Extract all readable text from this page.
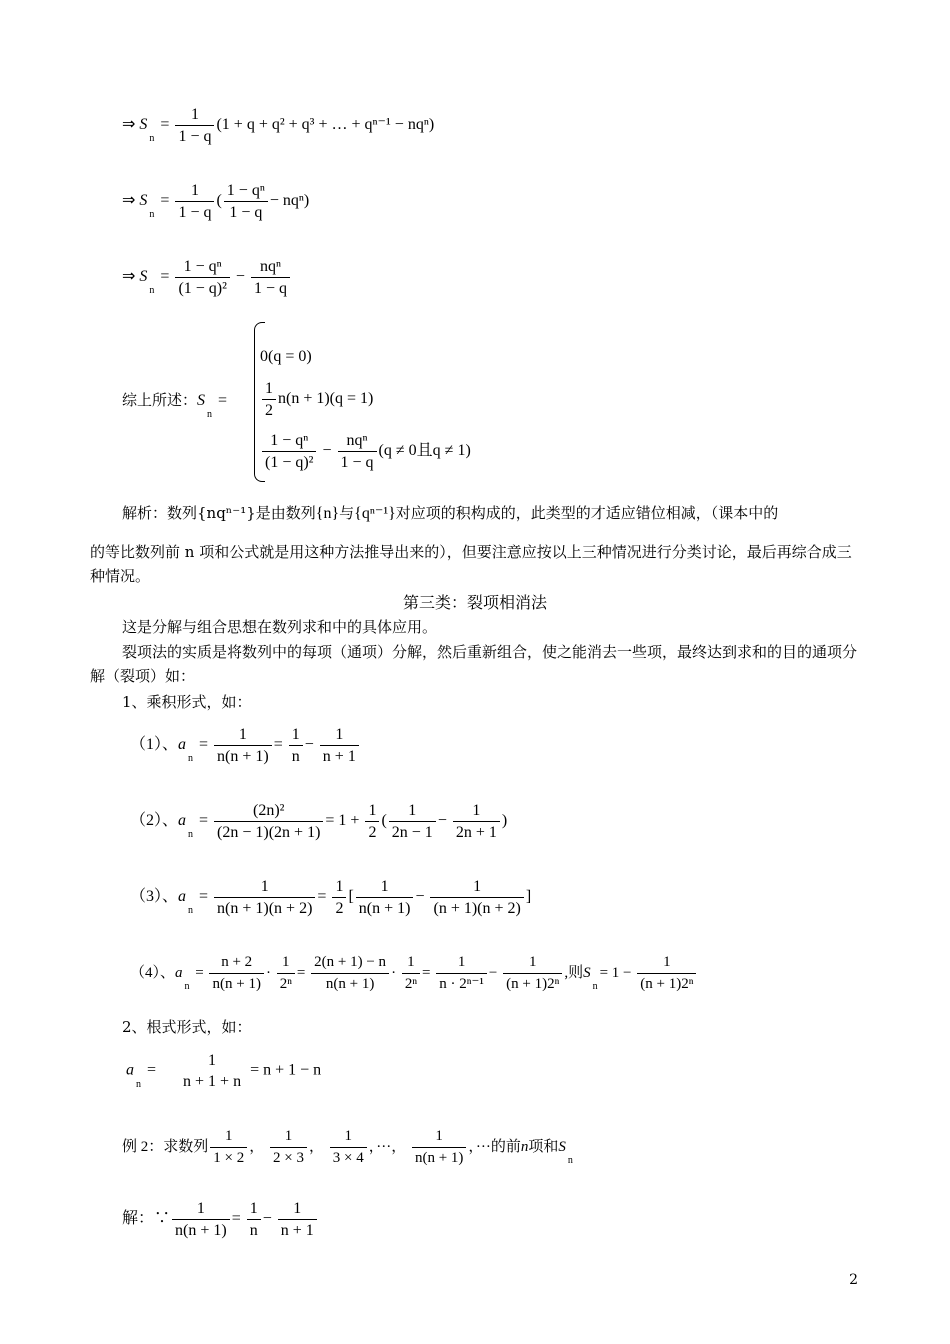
⇒ $S_n = \frac{1}{1 - q} (1 + q + q^2 + q^3$ + … + qⁿ⁻¹ − nqⁿ)
⇒ $S_n = \frac{1}{1 - q}$ ( $\frac{\text{1 − qⁿ}}{1 - q} - nq^n$)
⇒ $S_n = \frac{\text{1 − qⁿ}}{\text{(1 − q)²}} - \frac{\text{nqⁿ}}{1 - q}$
综上所述：$S_n$ =
0(q = 0)
$\frac{1}{2} n(n + 1)(q = 1)$
$\frac{\text{1 − qⁿ}}{\text{(1 − q)²}} - \frac{\text{nqⁿ}}{1 - q} (q \ne 0$且q ≠ 1)
解析：数列{nqⁿ⁻¹}是由数列{n}与{qⁿ⁻¹}对应项的积构成的，此类型的才适应错位相减，（课本中的
的等比数列前 n 项和公式就是用这种方法推导出来的），但要注意应按以上三种情况进行分类讨论，最后再综合成三种情况。
第三类：裂项相消法
这是分解与组合思想在数列求和中的具体应用。
裂项法的实质是将数列中的每项（通项）分解，然后重新组合，使之能消去一些项，最终达到求和的目的通项分解（裂项）如：
1、乘积形式，如：
（1）、$a_n = \frac{1}{n(n + 1)} = \frac{1}{n} - \frac{1}{n + 1}$
（2）、$a_n = \frac{\text{(2n)²}}{(2n - 1)(2n + 1)} = 1 + \frac{1}{2}$ ( $\frac{1}{2n - 1} - \frac{1}{2n + 1}$ )
（3）、$a_n = \frac{1}{n(n + 1)(n + 2)} = \frac{1}{2}$ [ $\frac{1}{n(n + 1)} - \frac{1}{(n + 1)(n + 2)}$ ]
（4）、$a_n = \frac{n + 2}{n(n + 1)} \cdot \frac{1}{\text{2ⁿ}} = \frac{2(n + 1) - n}{n(n + 1)} \cdot \frac{1}{\text{2ⁿ}} = \frac{1}{\text{n · 2ⁿ⁻¹}} - \frac{1}{\text{(n + 1)2ⁿ}}$ ,则$S_n= 1 - \frac{1}{\text{(n + 1)2ⁿ}}$
2、根式形式，如：
$a_n$ =
1
n + 1 + n
= n + 1 − n
例 2：求数列 $\frac{1}{1 \times 2}$ ， $\frac{1}{2 \times 3}$ ， $\frac{1}{3 \times 4}$ ，···， $\frac{1}{n(n + 1)}$ ，···的前n项和$S_n$
解：∵ $\frac{1}{n(n + 1)} = \frac{1}{n} - \frac{1}{n + 1}$
2
